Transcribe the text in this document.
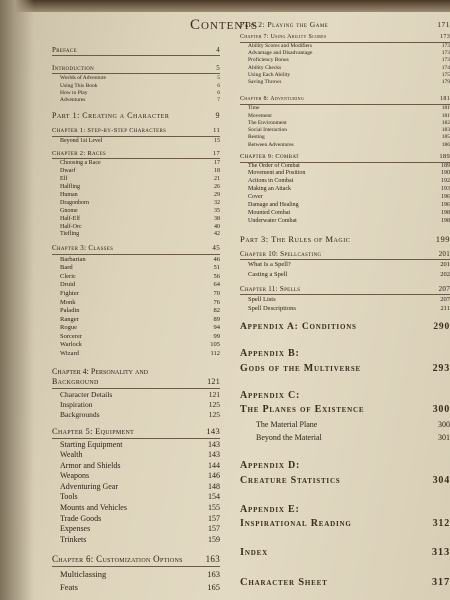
Contents
Preface	4
Introduction	5
Worlds of Adventure	5
Using This Book	6
How to Play	6
Adventures	7
Part 1: Creating a Character	9
Chapter 1: Step-by-Step Characters	11
Beyond 1st Level	15
Chapter 2: Races	17
Choosing a Race	17
Dwarf	18
Elf	21
Halfling	26
Human	29
Dragonborn	32
Gnome	35
Half-Elf	38
Half-Orc	40
Tiefling	42
Chapter 3: Classes	45
Barbarian	46
Bard	51
Cleric	56
Druid	64
Fighter	70
Monk	76
Paladin	82
Ranger	89
Rogue	94
Sorcerer	99
Warlock	105
Wizard	112
Chapter 4: Personality and
Background	121
Character Details	121
Inspiration	125
Backgrounds	125
Chapter 5: Equipment	143
Starting Equipment	143
Wealth	143
Armor and Shields	144
Weapons	146
Adventuring Gear	148
Tools	154
Mounts and Vehicles	155
Trade Goods	157
Expenses	157
Trinkets	159
Chapter 6: Customization Options	163
Multiclassing	163
Feats	165
Part 2: Playing the Game	171
Chapter 7: Using Ability Scores	173
Ability Scores and Modifiers	173
Advantage and Disadvantage	173
Proficiency Bonus	173
Ability Checks	174
Using Each Ability	175
Saving Throws	179
Chapter 8: Adventuring	181
Time	181
Movement	181
The Environment	182
Social Interaction	183
Resting	185
Between Adventures	186
Chapter 9: Combat	189
The Order of Combat	189
Movement and Position	190
Actions in Combat	192
Making an Attack	193
Cover	196
Damage and Healing	196
Mounted Combat	198
Underwater Combat	198
Part 3: The Rules of Magic	199
Chapter 10: Spellcasting	201
What Is a Spell?	201
Casting a Spell	202
Chapter 11: Spells	207
Spell Lists	207
Spell Descriptions	211
Appendix A: Conditions	290
Appendix B:
Gods of the Multiverse	293
Appendix C:
The Planes of Existence	300
The Material Plane	300
Beyond the Material	301
Appendix D:
Creature Statistics	304
Appendix E:
Inspirational Reading	312
Index	313
Character Sheet	317
